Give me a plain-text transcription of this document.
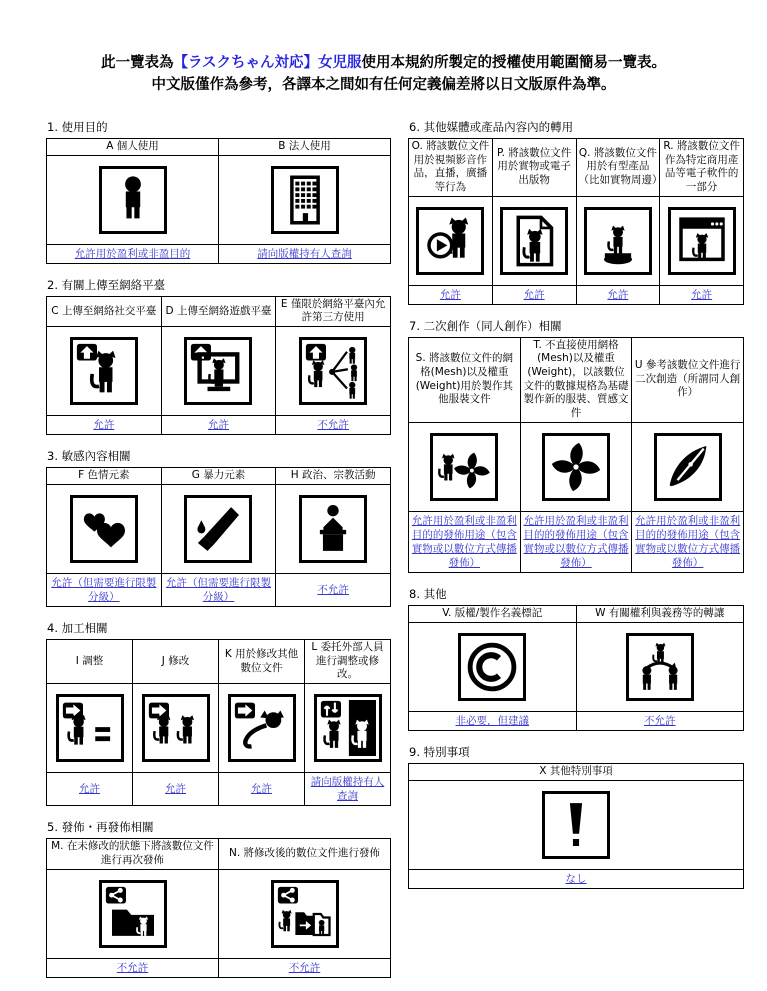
此一覽表為【ラスクちゃん対応】女児服使用本規約所製定的授權使用範圍簡易一覽表。
中文版僅作為參考，各譯本之間如有任何定義偏差將以日文版原件為準。
1. 使用目的
A 個人使用	B 法人使用

允許用於盈利或非盈目的	請向版權持有人查詢
2. 有關上傳至網絡平臺
C 上傳至網絡社交平臺	D 上傳至網絡遊戲平臺	E 僅限於網絡平臺內允許第三方使用

允許	允許	不允許
3. 敏感內容相關
F 色情元素	G 暴力元素	H 政治、宗教活動

允許（但需要進行限製分級）	允許（但需要進行限製分級）	不允許
4. 加工相關
I 調整	J 修改	K 用於修改其他數位文件	L 委托外部人員進行調整或修改。

允許	允許	允許	請向版權持有人查詢
5. 發佈・再發佈相關
M. 在未修改的狀態下將該數位文件進行再次發佈	N. 將修改後的數位文件進行發佈

不允許	不允許
6. 其他媒體或產品內容內的轉用
O. 將該數位文件用於視頻影音作品，直播，廣播等行為	P. 將該數位文件用於實物或電子出版物	Q. 將該數位文件用於有型產品（比如實物周邊）	R. 將該數位文件作為特定商用產品等電子軟件的一部分

允許	允許	允許	允許
7. 二次創作（同人創作）相關
S. 將該數位文件的網格(Mesh)以及權重(Weight)用於製作其他服裝文件	T. 不直接使用網格(Mesh)以及權重(Weight)，以該數位文件的數據規格為基礎製作新的服裝、質感文件	U 參考該數位文件進行二次創造（所謂同人創作）

允許用於盈利或非盈利目的的發佈用途（包含實物或以數位方式傳播發佈）	允許用於盈利或非盈利目的的發佈用途（包含實物或以數位方式傳播發佈）	允許用於盈利或非盈利目的的發佈用途（包含實物或以數位方式傳播發佈）
8. 其他
V. 版權/製作名義標記	W 有關權利與義務等的轉讓

非必要，但建議	不允許
9. 特別事項
X 其他特別事項

なし
